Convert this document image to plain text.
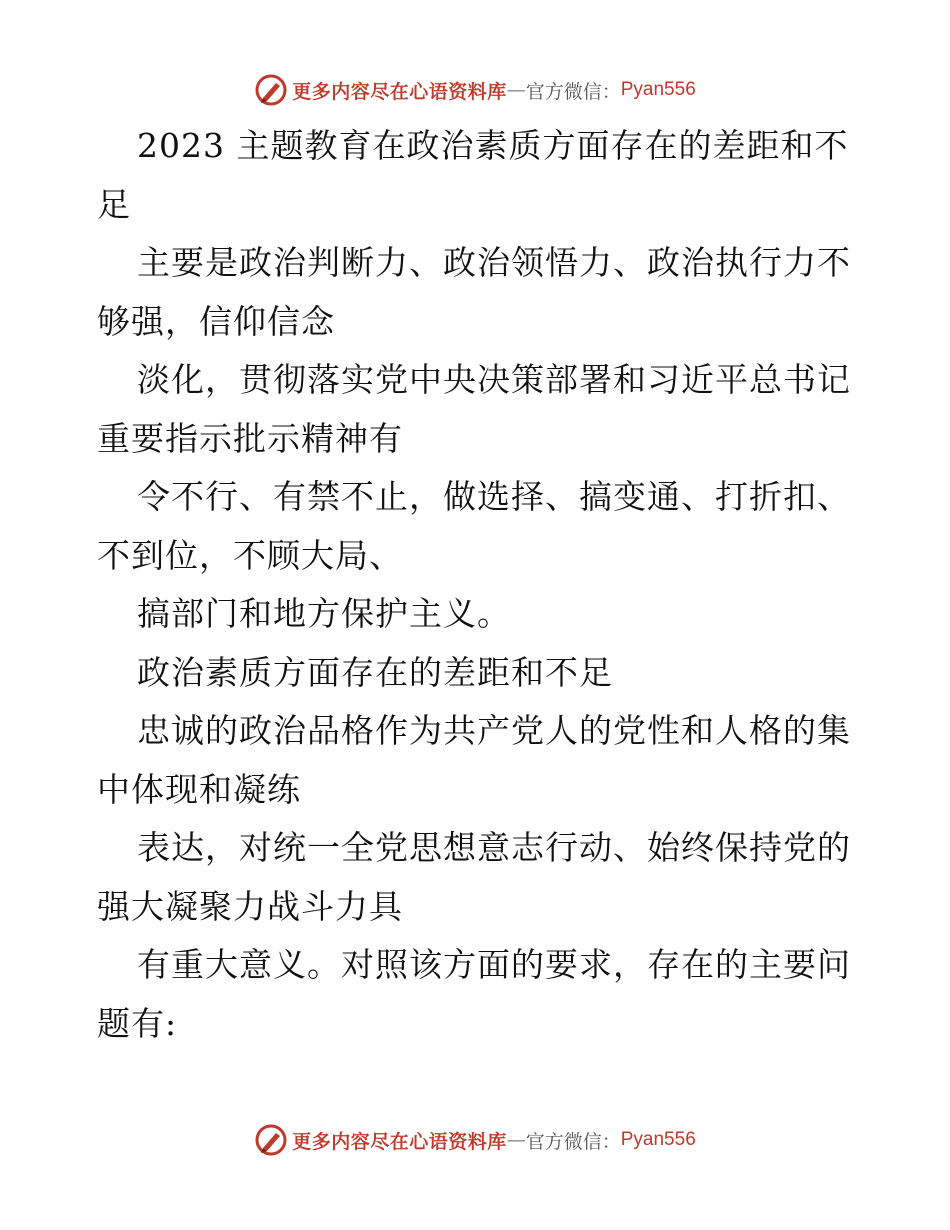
更多内容尽在心语资料库 — 官方微信： Pyan556

2023 主题教育在政治素质方面存在的差距和不足

主要是政治判断力、政治领悟力、政治执行力不够强，信仰信念

淡化，贯彻落实党中央决策部署和习近平总书记重要指示批示精神有

令不行、有禁不止，做选择、搞变通、打折扣、不到位，不顾大局、

搞部门和地方保护主义。

政治素质方面存在的差距和不足

忠诚的政治品格作为共产党人的党性和人格的集中体现和凝练

表达，对统一全党思想意志行动、始终保持党的强大凝聚力战斗力具

有重大意义。对照该方面的要求，存在的主要问题有:

更多内容尽在心语资料库 — 官方微信： Pyan556
